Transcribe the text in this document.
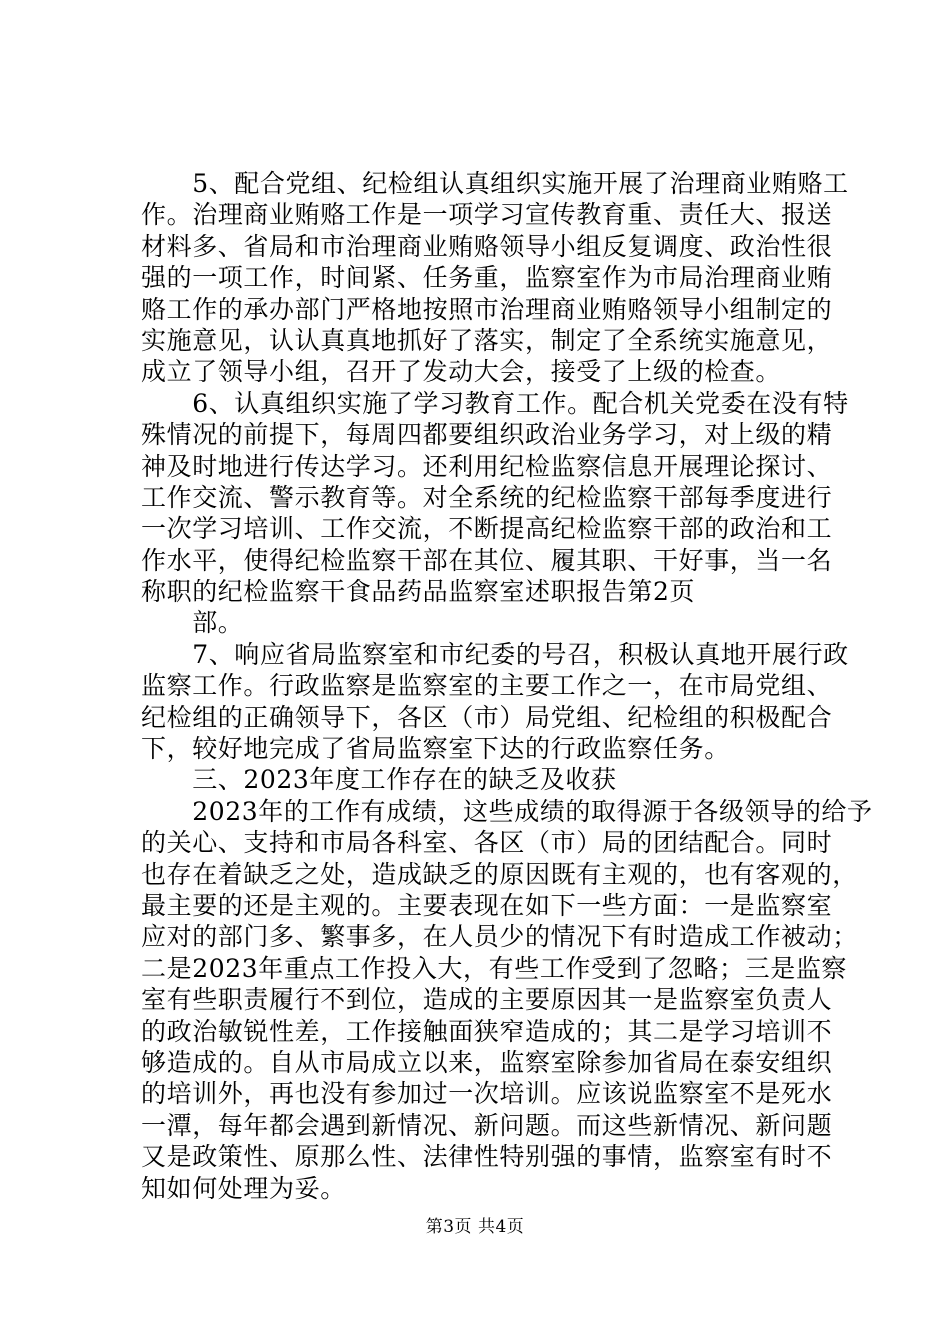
　　5、配合党组、纪检组认真组织实施开展了治理商业贿赂工
作。治理商业贿赂工作是一项学习宣传教育重、责任大、报送
材料多、省局和市治理商业贿赂领导小组反复调度、政治性很
强的一项工作，时间紧、任务重，监察室作为市局治理商业贿
赂工作的承办部门严格地按照市治理商业贿赂领导小组制定的
实施意见，认认真真地抓好了落实，制定了全系统实施意见，
成立了领导小组，召开了发动大会，接受了上级的检查。
　　6、认真组织实施了学习教育工作。配合机关党委在没有特
殊情况的前提下，每周四都要组织政治业务学习，对上级的精
神及时地进行传达学习。还利用纪检监察信息开展理论探讨、
工作交流、警示教育等。对全系统的纪检监察干部每季度进行
一次学习培训、工作交流，不断提高纪检监察干部的政治和工
作水平，使得纪检监察干部在其位、履其职、干好事，当一名
称职的纪检监察干食品药品监察室述职报告第2页
　　部。
　　7、响应省局监察室和市纪委的号召，积极认真地开展行政
监察工作。行政监察是监察室的主要工作之一，在市局党组、
纪检组的正确领导下，各区（市）局党组、纪检组的积极配合
下，较好地完成了省局监察室下达的行政监察任务。
　　三、2023年度工作存在的缺乏及收获
　　2023年的工作有成绩，这些成绩的取得源于各级领导的给予
的关心、支持和市局各科室、各区（市）局的团结配合。同时
也存在着缺乏之处，造成缺乏的原因既有主观的，也有客观的，
最主要的还是主观的。主要表现在如下一些方面：一是监察室
应对的部门多、繁事多，在人员少的情况下有时造成工作被动；
二是2023年重点工作投入大，有些工作受到了忽略；三是监察
室有些职责履行不到位，造成的主要原因其一是监察室负责人
的政治敏锐性差，工作接触面狭窄造成的；其二是学习培训不
够造成的。自从市局成立以来，监察室除参加省局在泰安组织
的培训外，再也没有参加过一次培训。应该说监察室不是死水
一潭，每年都会遇到新情况、新问题。而这些新情况、新问题
又是政策性、原那么性、法律性特别强的事情，监察室有时不
知如何处理为妥。
第3页 共4页
